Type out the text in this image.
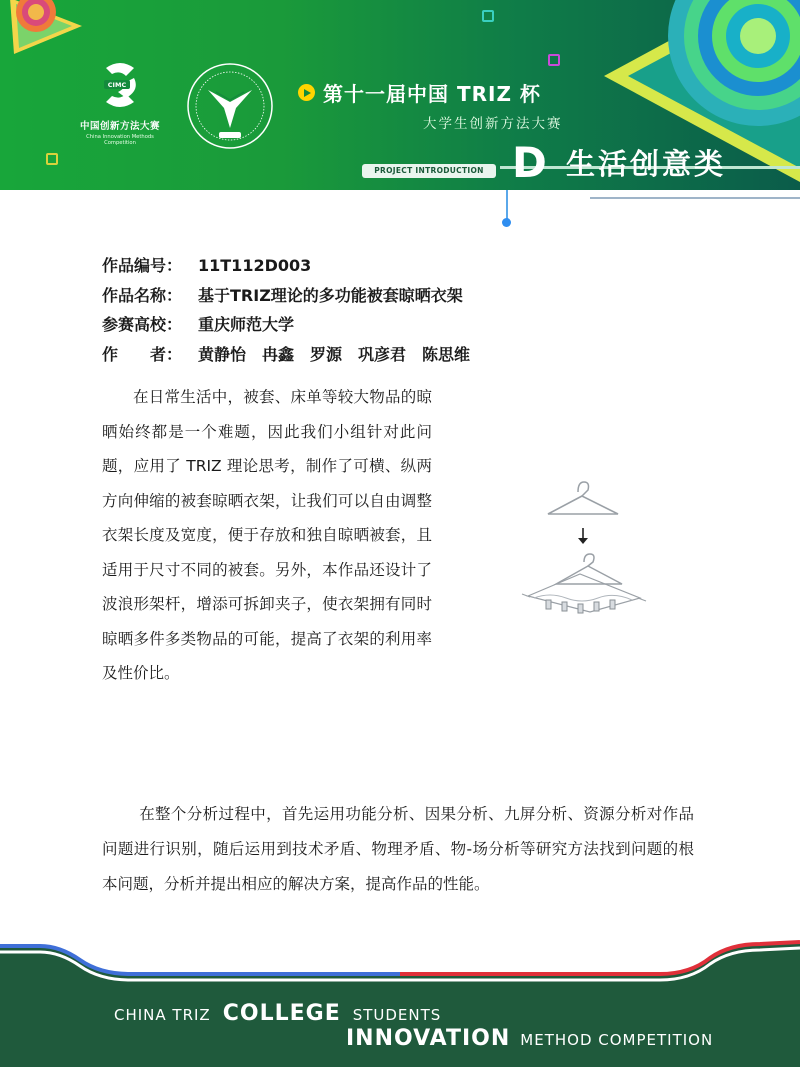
CIMC
中国创新方法大赛
China Innovation Methods Competition
第十一届中国 TRIZ 杯
大学生创新方法大赛
PROJECT INTRODUCTION D 生活创意类
作品编号： 11T112D003
作品名称： 基于TRIZ理论的多功能被套晾晒衣架
参赛高校： 重庆师范大学
作　　者： 黄静怡　冉鑫　罗源　巩彦君　陈思维

在日常生活中，被套、床单等较大物品的晾晒始终都是一个难题，因此我们小组针对此问题，应用了 TRIZ 理论思考，制作了可横、纵两方向伸缩的被套晾晒衣架，让我们可以自由调整衣架长度及宽度，便于存放和独自晾晒被套，且适用于尺寸不同的被套。另外，本作品还设计了波浪形架杆，增添可拆卸夹子，使衣架拥有同时晾晒多件多类物品的可能，提高了衣架的利用率及性价比。

在整个分析过程中，首先运用功能分析、因果分析、九屏分析、资源分析对作品问题进行识别，随后运用到技术矛盾、物理矛盾、物-场分析等研究方法找到问题的根本问题，分析并提出相应的解决方案，提高作品的性能。

CHINA TRIZ COLLEGE STUDENTS
INNOVATION METHOD COMPETITION
